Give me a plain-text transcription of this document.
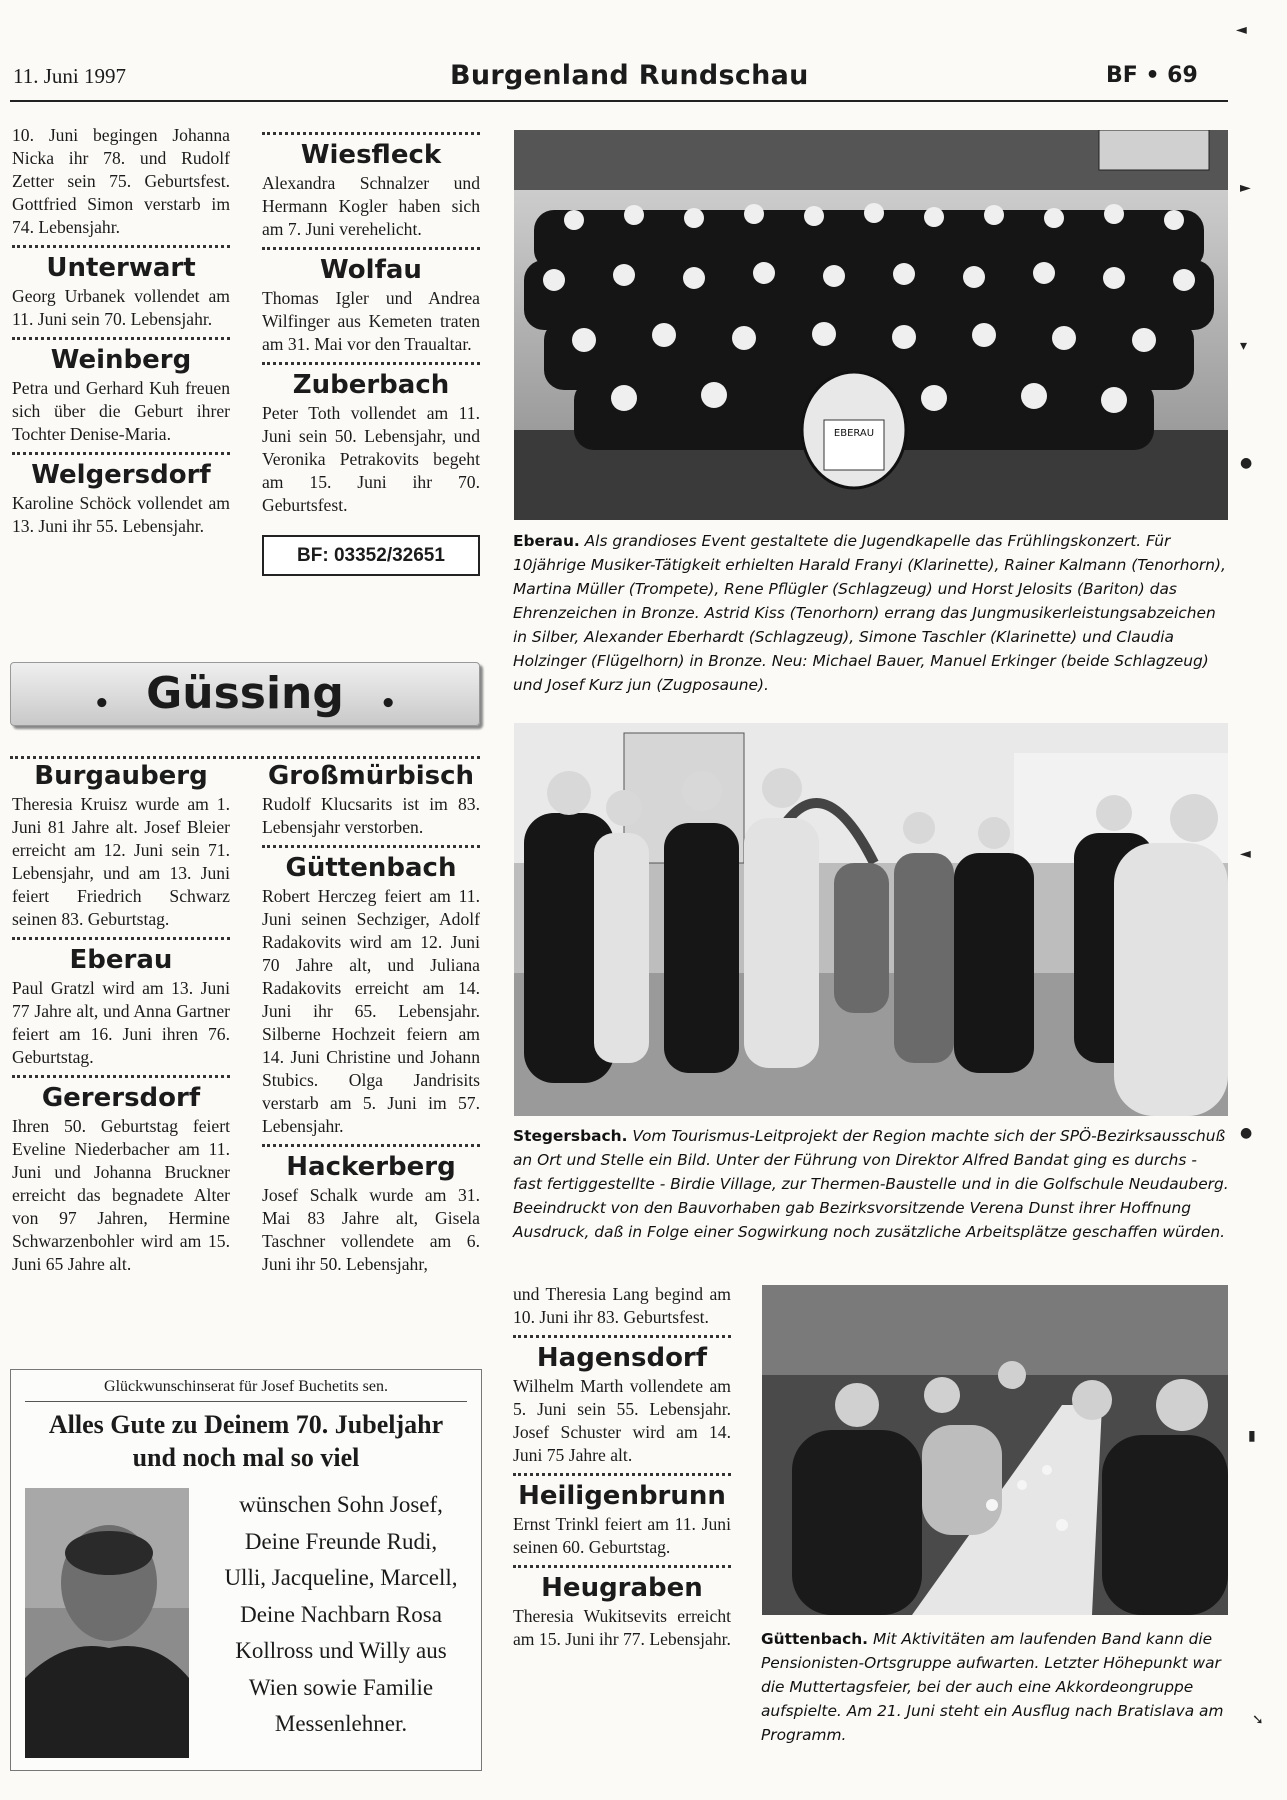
11. Juni 1997	Burgenland Rundschau	BF • 69

10. Juni begingen Johanna Nicka ihr 78. und Rudolf Zetter sein 75. Geburtsfest. Gottfried Simon verstarb im 74. Lebensjahr.

Unterwart

Georg Urbanek vollendet am 11. Juni sein 70. Lebensjahr.

Weinberg

Petra und Gerhard Kuh freuen sich über die Geburt ihrer Tochter Denise-Maria.

Welgersdorf

Karoline Schöck vollendet am 13. Juni ihr 55. Lebensjahr.

Wiesfleck

Alexandra Schnalzer und Hermann Kogler haben sich am 7. Juni verehelicht.

Wolfau

Thomas Igler und Andrea Wilfinger aus Kemeten traten am 31. Mai vor den Traualtar.

Zuberbach

Peter Toth vollendet am 11. Juni sein 50. Lebensjahr, und Veronika Petrakovits begeht am 15. Juni ihr 70. Geburtsfest.

BF: 03352/32651
• Güssing •

Burgauberg

Theresia Kruisz wurde am 1. Juni 81 Jahre alt. Josef Bleier erreicht am 12. Juni sein 71. Lebensjahr, und am 13. Juni feiert Friedrich Schwarz seinen 83. Geburtstag.

Eberau

Paul Gratzl wird am 13. Juni 77 Jahre alt, und Anna Gartner feiert am 16. Juni ihren 76. Geburtstag.

Gerersdorf

Ihren 50. Geburtstag feiert Eveline Niederbacher am 11. Juni und Johanna Bruckner erreicht das begnadete Alter von 97 Jahren, Hermine Schwarzenbohler wird am 15. Juni 65 Jahre alt.

Großmürbisch

Rudolf Klucsarits ist im 83. Lebensjahr verstorben.

Güttenbach

Robert Herczeg feiert am 11. Juni seinen Sechziger, Adolf Radakovits wird am 12. Juni 70 Jahre alt, und Juliana Radakovits erreicht am 14. Juni ihr 65. Lebensjahr. Silberne Hochzeit feiern am 14. Juni Christine und Johann Stubics. Olga Jandrisits verstarb am 5. Juni im 57. Lebensjahr.

Hackerberg

Josef Schalk wurde am 31. Mai 83 Jahre alt, Gisela Taschner vollendete am 6. Juni ihr 50. Lebensjahr,

EBERAU
Eberau. Als grandioses Event gestaltete die Jugendkapelle das Frühlingskonzert. Für 10jährige Musiker-Tätigkeit erhielten Harald Franyi (Klarinette), Rainer Kalmann (Tenorhorn), Martina Müller (Trompete), Rene Pflügler (Schlagzeug) und Horst Jelosits (Bariton) das Ehrenzeichen in Bronze. Astrid Kiss (Tenorhorn) errang das Jungmusikerleistungsabzeichen in Silber, Alexander Eberhardt (Schlagzeug), Simone Taschler (Klarinette) und Claudia Holzinger (Flügelhorn) in Bronze. Neu: Michael Bauer, Manuel Erkinger (beide Schlagzeug) und Josef Kurz jun (Zugposaune).
Stegersbach. Vom Tourismus-Leitprojekt der Region machte sich der SPÖ-Bezirksausschuß an Ort und Stelle ein Bild. Unter der Führung von Direktor Alfred Bandat ging es durchs - fast fertiggestellte - Birdie Village, zur Thermen-Baustelle und in die Golfschule Neudauberg. Beeindruckt von den Bauvorhaben gab Bezirksvorsitzende Verena Dunst ihrer Hoffnung Ausdruck, daß in Folge einer Sogwirkung noch zusätzliche Arbeitsplätze geschaffen würden.

und Theresia Lang begind am 10. Juni ihr 83. Geburtsfest.

Hagensdorf

Wilhelm Marth vollendete am 5. Juni sein 55. Lebensjahr. Josef Schuster wird am 14. Juni 75 Jahre alt.

Heiligenbrunn

Ernst Trinkl feiert am 11. Juni seinen 60. Geburtstag.

Heugraben

Theresia Wukitsevits erreicht am 15. Juni ihr 77. Lebensjahr. Güttenbach. Mit Aktivitäten am laufenden Band kann die Pensionisten-Ortsgruppe aufwarten. Letzter Höhepunkt war die Muttertagsfeier, bei der auch eine Akkordeongruppe aufspielte. Am 21. Juni steht ein Ausflug nach Bratislava am Programm.
Glückwunschinserat für Josef Buchetits sen.
Alles Gute zu Deinem 70. Jubeljahr
und noch mal so viel
wünschen Sohn Josef,
Deine Freunde Rudi,
Ulli, Jacqueline, Marcell,
Deine Nachbarn Rosa
Kollross und Willy aus
Wien sowie Familie
Messenlehner.
◄
►
▾
●
◄
●
▮
➘
